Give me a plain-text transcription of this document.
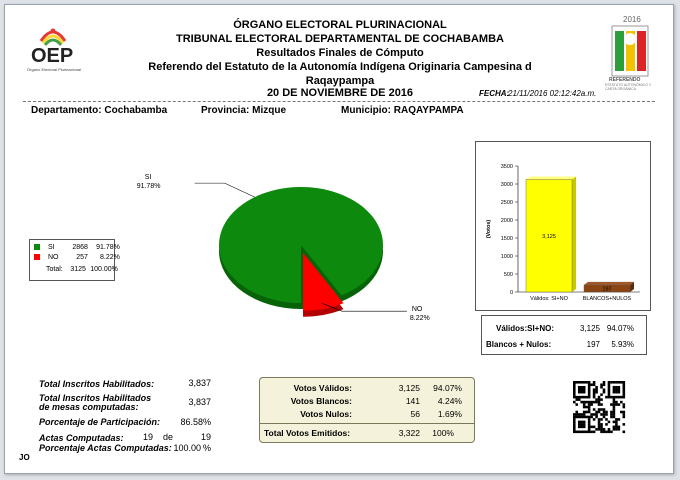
OEP
Órgano Electoral Plurinacional
2016
REFERENDO
ESTATUTO AUTONÓMICO Y CARTA ORGÁNICA
ÓRGANO ELECTORAL PLURINACIONAL
TRIBUNAL ELECTORAL DEPARTAMENTAL DE COCHABAMBA
Resultados Finales de Cómputo
Referendo del Estatuto de la Autonomía Indígena Originaria Campesina d
Raqaypampa
20 DE NOVIEMBRE DE 2016	FECHA:
21/11/2016 02:12:42a.m.
Departamento: Cochabamba	Provincia: Mizque	Municipio: RAQAYPAMPA
SI
91.78%
NO
8.22%
SI	2868 91.78%
NO	257 8.22%
Total: 3125 100.00%
0
500
1000
1500
2000
2500
3000
3500
(Votos)	3,125
Válidos: SI+NO
197
BLANCOS+NULOS
Válidos:SI+NO:	3,125 94.07%
Blancos + Nulos:	197	5.93%
Total Inscritos Habilitados:	3,837
Total Inscritos Habilitados
de mesas computadas:	3,837
Porcentaje de Participación:	86.58%
Actas Computadas:	19 de	19
Porcentaje Actas Computadas: 100.00 %
Votos Válidos:	3,125	94.07%
Votos Blancos:	141	4.24%
Votos Nulos:	56	1.69%
Total Votos Emitidos:	3,322	100%
JO
